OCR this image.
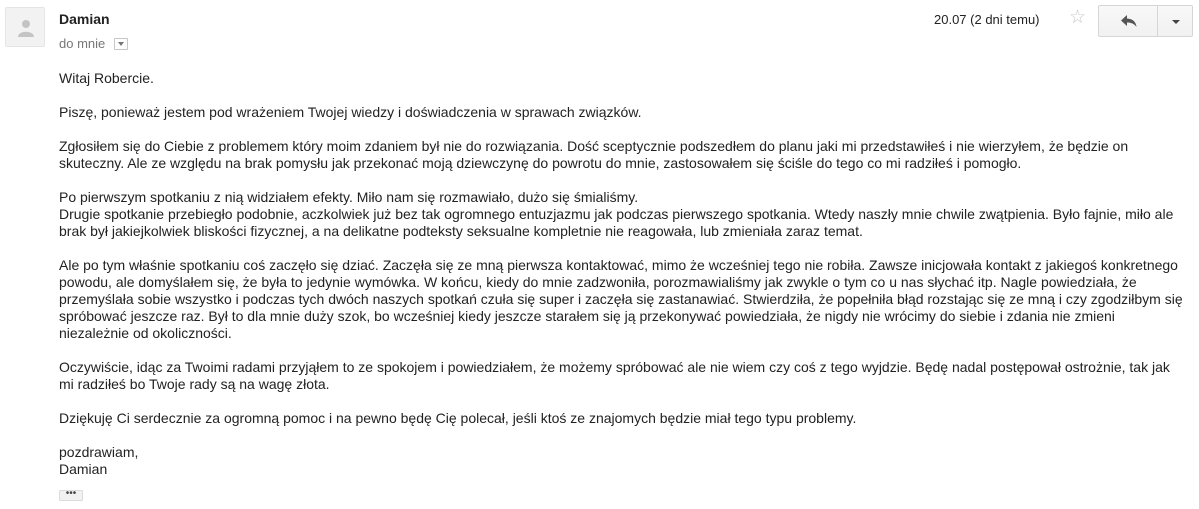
Damian
do mnie
20.07 (2 dni temu) ☆

Witaj Robercie.

Piszę, ponieważ jestem pod wrażeniem Twojej wiedzy i doświadczenia w sprawach związków.

Zgłosiłem się do Ciebie z problemem który moim zdaniem był nie do rozwiązania. Dość sceptycznie podszedłem do planu jaki mi przedstawiłeś i nie wierzyłem, że będzie on skuteczny. Ale ze względu na brak pomysłu jak przekonać moją dziewczynę do powrotu do mnie, zastosowałem się ściśle do tego co mi radziłeś i pomogło.

Po pierwszym spotkaniu z nią widziałem efekty. Miło nam się rozmawiało, dużo się śmialiśmy.
Drugie spotkanie przebiegło podobnie, aczkolwiek już bez tak ogromnego entuzjazmu jak podczas pierwszego spotkania. Wtedy naszły mnie chwile zwątpienia. Było fajnie, miło ale brak był jakiejkolwiek bliskości fizycznej, a na delikatne podteksty seksualne kompletnie nie reagowała, lub zmieniała zaraz temat.

Ale po tym właśnie spotkaniu coś zaczęło się dziać. Zaczęła się ze mną pierwsza kontaktować, mimo że wcześniej tego nie robiła. Zawsze inicjowała kontakt z jakiegoś konkretnego powodu, ale domyślałem się, że była to jedynie wymówka. W końcu, kiedy do mnie zadzwoniła, porozmawialiśmy jak zwykle o tym co u nas słychać itp. Nagle powiedziała, że przemyślała sobie wszystko i podczas tych dwóch naszych spotkań czuła się super i zaczęła się zastanawiać. Stwierdziła, że popełniła błąd rozstając się ze mną i czy zgodziłbym się spróbować jeszcze raz. Był to dla mnie duży szok, bo wcześniej kiedy jeszcze starałem się ją przekonywać powiedziała, że nigdy nie wrócimy do siebie i zdania nie zmieni niezależnie od okoliczności.

Oczywiście, idąc za Twoimi radami przyjąłem to ze spokojem i powiedziałem, że możemy spróbować ale nie wiem czy coś z tego wyjdzie. Będę nadal postępował ostrożnie, tak jak mi radziłeś bo Twoje rady są na wagę złota.

Dziękuję Ci serdecznie za ogromną pomoc i na pewno będę Cię polecał, jeśli ktoś ze znajomych będzie miał tego typu problemy.

pozdrawiam,
Damian

•••
